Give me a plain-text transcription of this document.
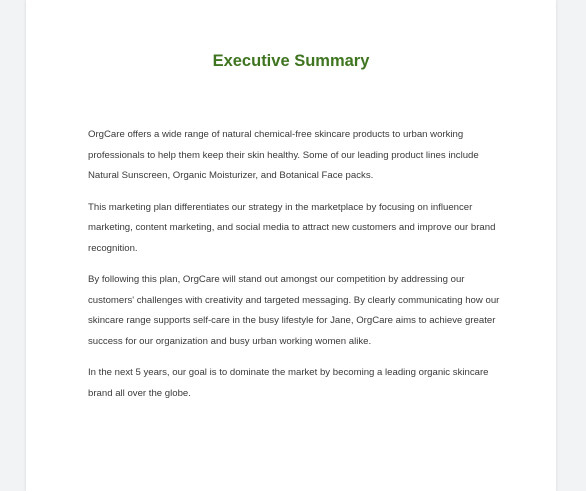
Executive Summary

OrgCare offers a wide range of natural chemical-free skincare products to urban working professionals to help them keep their skin healthy. Some of our leading product lines include Natural Sunscreen, Organic Moisturizer, and Botanical Face packs.

This marketing plan differentiates our strategy in the marketplace by focusing on influencer marketing, content marketing, and social media to attract new customers and improve our brand recognition.

By following this plan, OrgCare will stand out amongst our competition by addressing our customers' challenges with creativity and targeted messaging. By clearly communicating how our skincare range supports self-care in the busy lifestyle for Jane, OrgCare aims to achieve greater success for our organization and busy urban working women alike.

In the next 5 years, our goal is to dominate the market by becoming a leading organic skincare brand all over the globe.
